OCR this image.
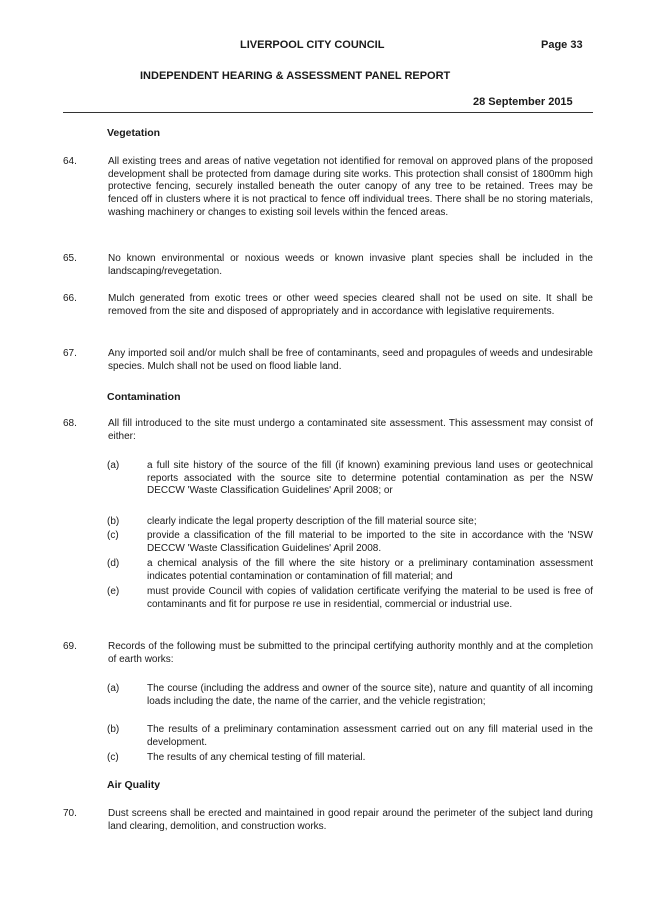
LIVERPOOL CITY COUNCIL	Page 33
INDEPENDENT HEARING & ASSESSMENT PANEL REPORT
28 September 2015
Vegetation
64.	All existing trees and areas of native vegetation not identified for removal on approved plans of the proposed development shall be protected from damage during site works. This protection shall consist of 1800mm high protective fencing, securely installed beneath the outer canopy of any tree to be retained. Trees may be fenced off in clusters where it is not practical to fence off individual trees. There shall be no storing materials, washing machinery or changes to existing soil levels within the fenced areas.
65.	No known environmental or noxious weeds or known invasive plant species shall be included in the landscaping/revegetation.
66.	Mulch generated from exotic trees or other weed species cleared shall not be used on site. It shall be removed from the site and disposed of appropriately and in accordance with legislative requirements.
67.	Any imported soil and/or mulch shall be free of contaminants, seed and propagules of weeds and undesirable species. Mulch shall not be used on flood liable land.
Contamination
68.	All fill introduced to the site must undergo a contaminated site assessment. This assessment may consist of either:
(a)	a full site history of the source of the fill (if known) examining previous land uses or geotechnical reports associated with the source site to determine potential contamination as per the NSW DECCW 'Waste Classification Guidelines' April 2008; or
(b)	clearly indicate the legal property description of the fill material source site;
(c)	provide a classification of the fill material to be imported to the site in accordance with the 'NSW DECCW 'Waste Classification Guidelines' April 2008.
(d)	a chemical analysis of the fill where the site history or a preliminary contamination assessment indicates potential contamination or contamination of fill material; and
(e)	must provide Council with copies of validation certificate verifying the material to be used is free of contaminants and fit for purpose re use in residential, commercial or industrial use.
69.	Records of the following must be submitted to the principal certifying authority monthly and at the completion of earth works:
(a)	The course (including the address and owner of the source site), nature and quantity of all incoming loads including the date, the name of the carrier, and the vehicle registration;
(b)	The results of a preliminary contamination assessment carried out on any fill material used in the development.
(c)	The results of any chemical testing of fill material.
Air Quality
70.	Dust screens shall be erected and maintained in good repair around the perimeter of the subject land during land clearing, demolition, and construction works.
